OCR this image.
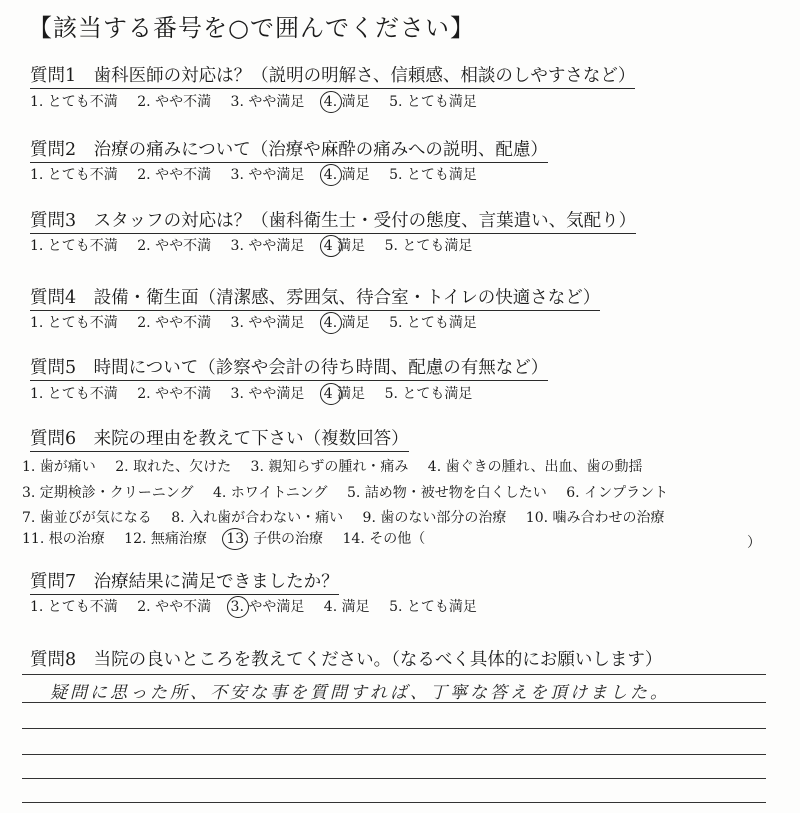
【該当する番号を○で囲んでください】
質問1　歯科医師の対応は？（説明の明解さ、信頼感、相談のしやすさなど）
1. とても不満 2. やや不満 3. やや満足 4. 満足 5. とても満足
質問2　治療の痛みについて（治療や麻酔の痛みへの説明、配慮）
1. とても不満 2. やや不満 3. やや満足 4. 満足 5. とても満足
質問3　スタッフの対応は？（歯科衛生士・受付の態度、言葉遣い、気配り）
1. とても不満 2. やや不満 3. やや満足 4 満足 5. とても満足
質問4　設備・衛生面（清潔感、雰囲気、待合室・トイレの快適さなど）
1. とても不満 2. やや不満 3. やや満足 4. 満足 5. とても満足
質問5　時間について（診察や会計の待ち時間、配慮の有無など）
1. とても不満 2. やや不満 3. やや満足 4 満足 5. とても満足
質問6　来院の理由を教えて下さい（複数回答）
1. 歯が痛い 2. 取れた、欠けた 3. 親知らずの腫れ・痛み 4. 歯ぐきの腫れ、出血、歯の動揺
3. 定期検診・クリーニング 4. ホワイトニング 5. 詰め物・被せ物を白くしたい 6. インプラント
7. 歯並びが気になる 8. 入れ歯が合わない・痛い 9. 歯のない部分の治療 10. 噛み合わせの治療
11. 根の治療 12. 無痛治療 13. 子供の治療 14. その他（	）
質問7　治療結果に満足できましたか？
1. とても不満 2. やや不満 3. やや満足 4. 満足 5. とても満足
質問8　当院の良いところを教えてください。（なるべく具体的にお願いします）
疑問に思った所、不安な事を質問すれば、丁寧な答えを頂けました。
